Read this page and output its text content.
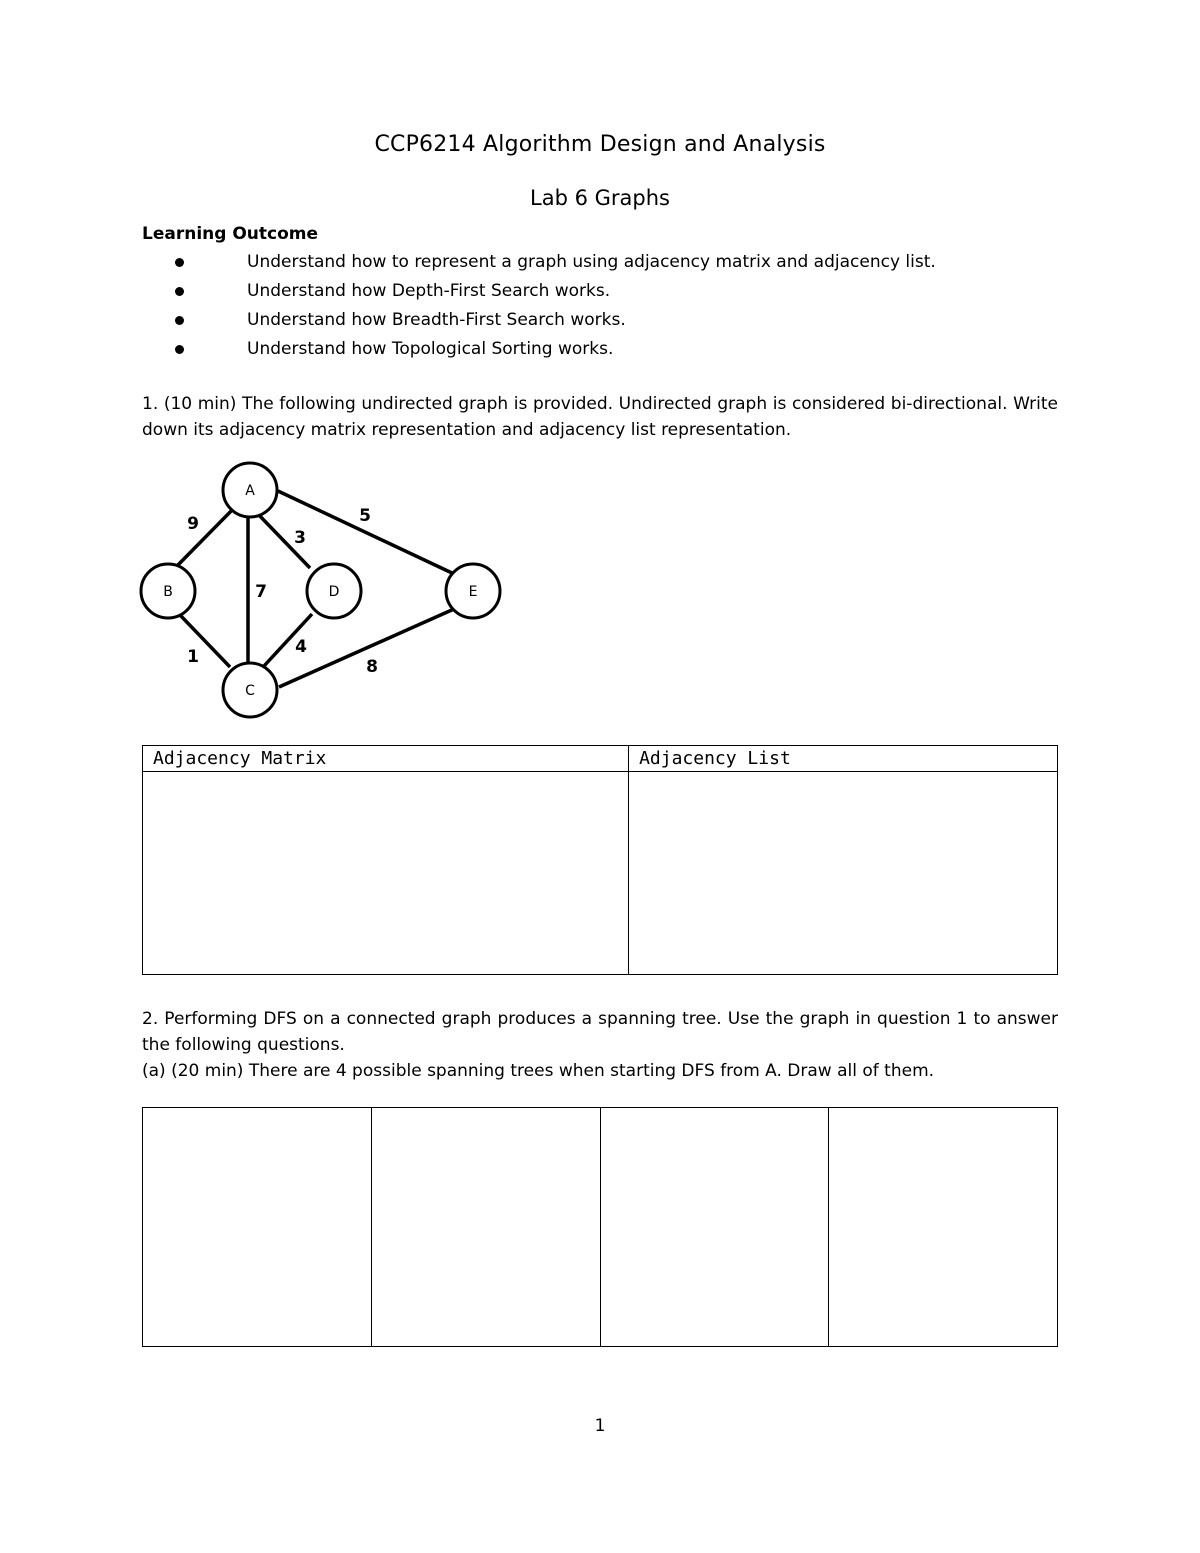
CCP6214 Algorithm Design and Analysis
Lab 6 Graphs
Learning Outcome
Understand how to represent a graph using adjacency matrix and adjacency list.
Understand how Depth-First Search works.
Understand how Breadth-First Search works.
Understand how Topological Sorting works.
1. (10 min) The following undirected graph is provided. Undirected graph is considered bi-directional. Write down its adjacency matrix representation and adjacency list representation.
A
B
C
D	E
9
7
3
5
1	4
8
Adjacency Matrix	Adjacency List

2. Performing DFS on a connected graph produces a spanning tree. Use the graph in question 1 to answer the following questions.
(a) (20 min) There are 4 possible spanning trees when starting DFS from A. Draw all of them.

1
